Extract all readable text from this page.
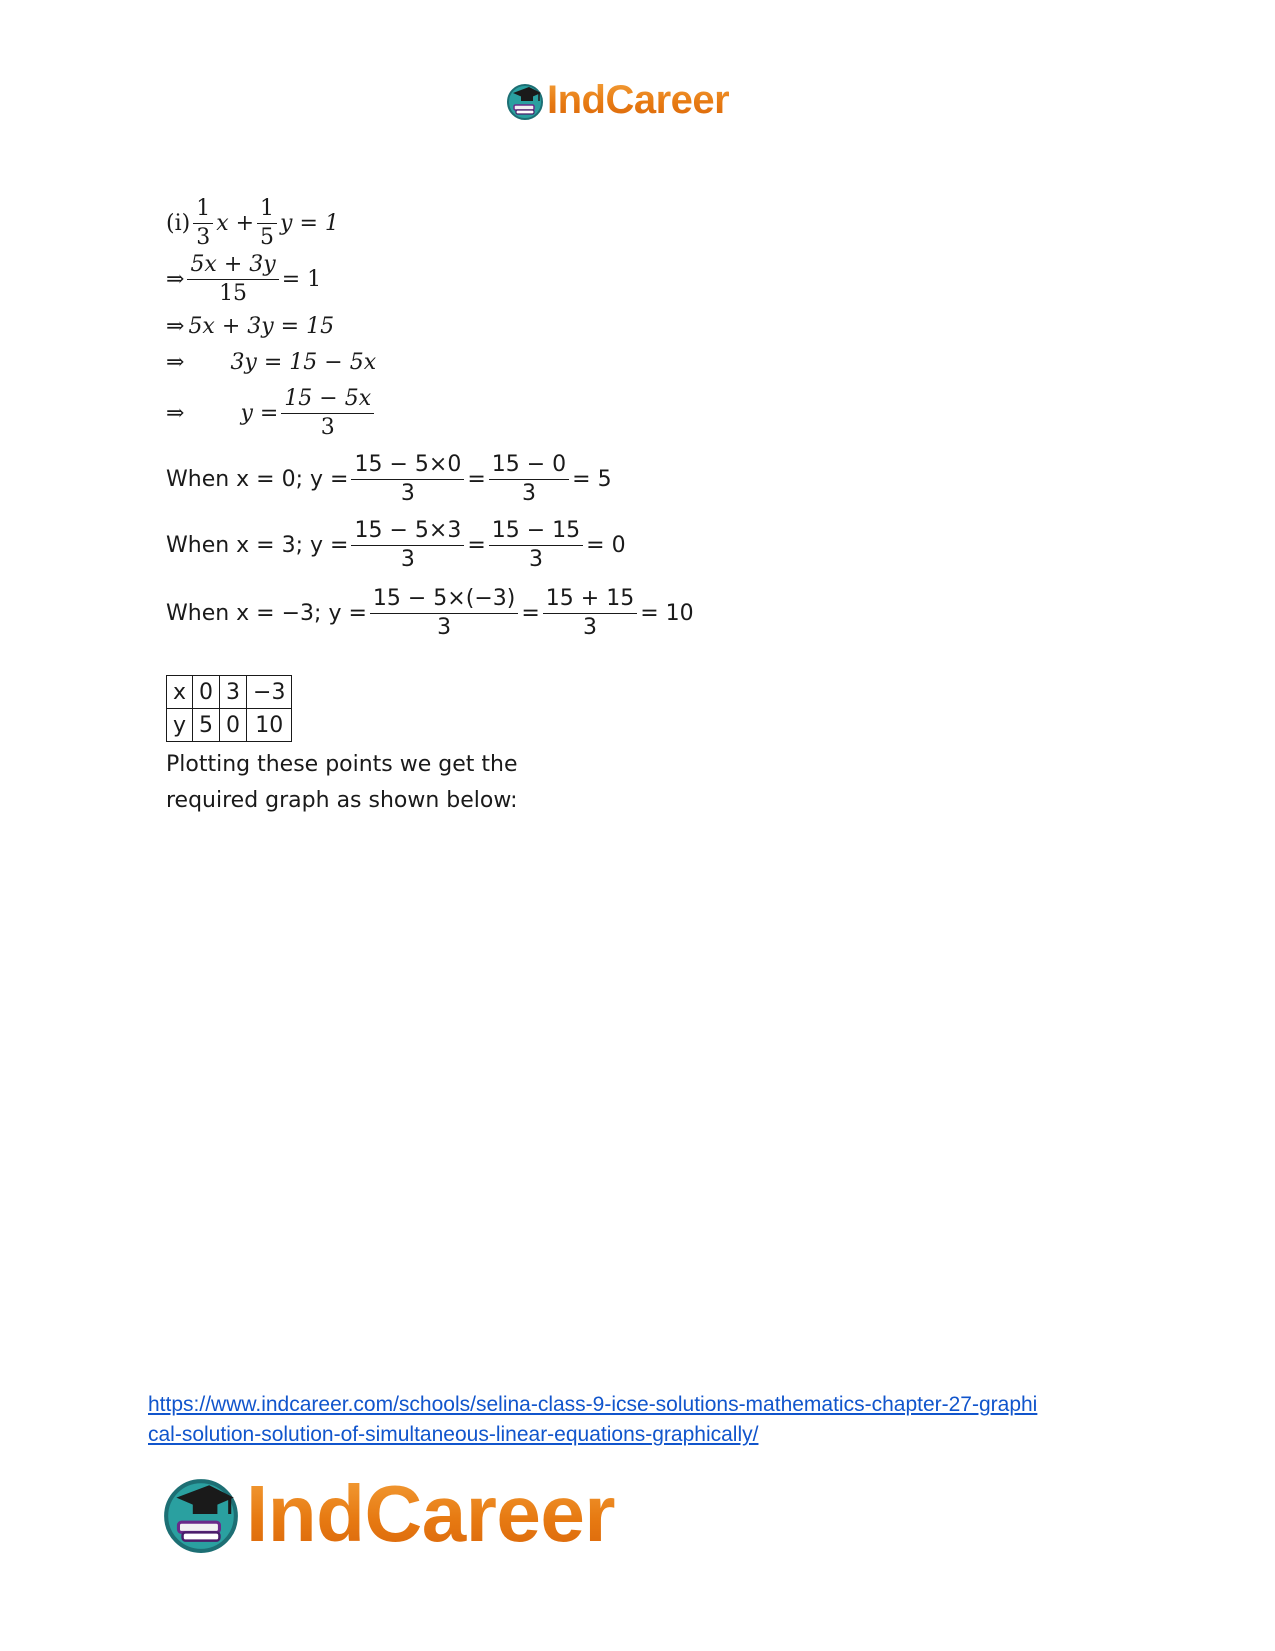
IndCareer
$(i) \frac{1}{3}$ $x + \frac{1}{5}$ y = 1
⇒ $\frac{5x + 3y}{15} = 1$
⇒ 5x + 3y = 15
⇒ 3y = 15 − 5x
⇒	$y = \frac{15 - 5x}{3}$
When x = 0; $y = \frac{15 - 5\times 0}{3} = \frac{15 - 0}{3} = 5$
When x = 3; $y = \frac{15 - 5\times 3}{3} = \frac{15 - 15}{3} = 0$
When x = −3; $y = \frac{15 - 5\times(-3)}{3} = \frac{15 + 15}{3} = 10$
x	0	3	−3
y	5	0	10
Plotting these points we get the
required graph as shown below:
https://www.indcareer.com/schools/selina-class-9-icse-solutions-mathematics-chapter-27-graphi
cal-solution-solution-of-simultaneous-linear-equations-graphically/
IndCareer
